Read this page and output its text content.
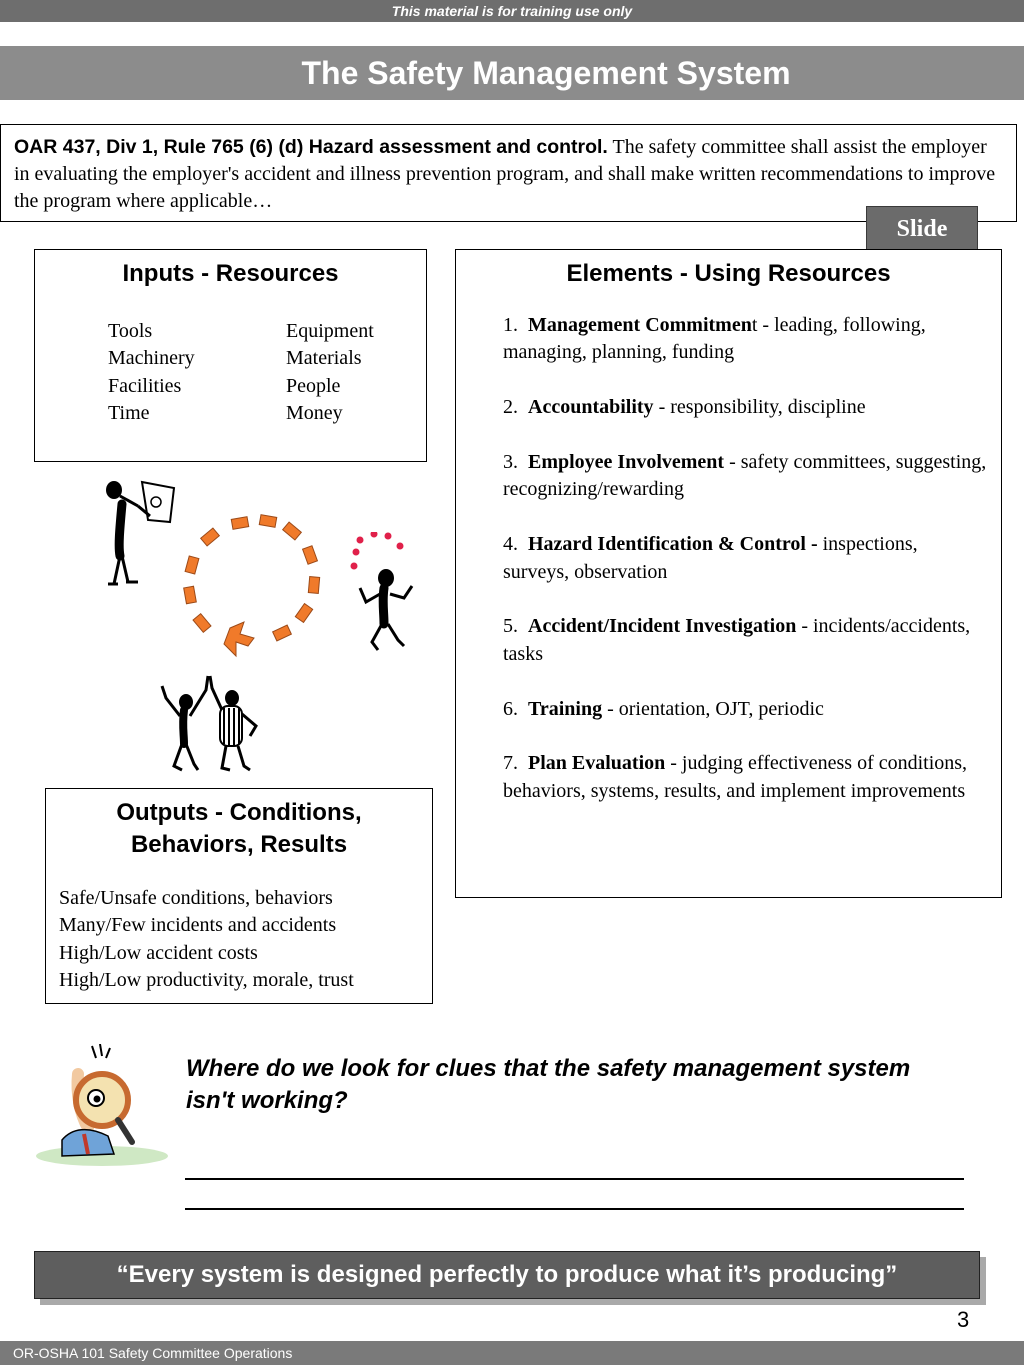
This material is for training use only
The Safety Management System
OAR 437, Div 1, Rule 765 (6) (d) Hazard assessment and control. The safety committee shall assist the employer in evaluating the employer's accident and illness prevention program, and shall make written recommendations to improve the program where applicable…
Slide
Inputs - Resources
Tools	Equipment
Machinery	Materials
Facilities	People
Time	Money
Elements - Using Resources
1. Management Commitment - leading, following, managing, planning, funding
2. Accountability - responsibility, discipline
3. Employee Involvement - safety committees, suggesting, recognizing/rewarding
4. Hazard Identification & Control - inspections, surveys, observation
5. Accident/Incident Investigation - incidents/accidents, tasks
6. Training - orientation, OJT, periodic
7. Plan Evaluation - judging effectiveness of conditions, behaviors, systems, results, and implement improvements
Outputs - Conditions,
Behaviors, Results
Safe/Unsafe conditions, behaviors
Many/Few incidents and accidents
High/Low accident costs
High/Low productivity, morale, trust
Where do we look for clues that the safety management system isn't working?
“Every system is designed perfectly to produce what it’s producing”
3
OR-OSHA 101 Safety Committee Operations
